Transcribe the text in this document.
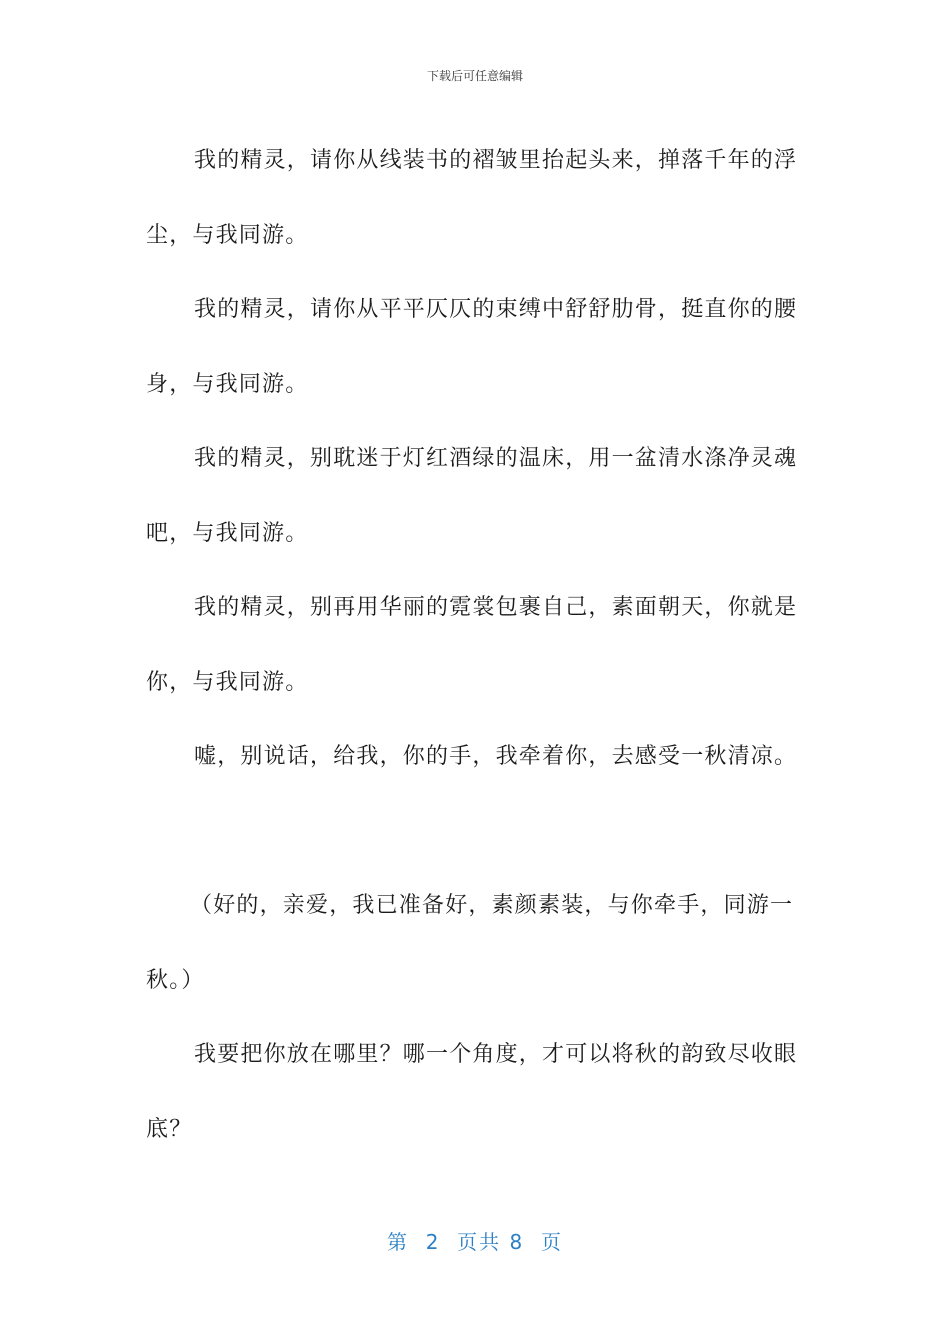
下载后可任意编辑

我的精灵，请你从线装书的褶皱里抬起头来，掸落千年的浮尘，与我同游。

我的精灵，请你从平平仄仄的束缚中舒舒肋骨，挺直你的腰身，与我同游。

我的精灵，别耽迷于灯红酒绿的温床，用一盆清水涤净灵魂吧，与我同游。

我的精灵，别再用华丽的霓裳包裹自己，素面朝天，你就是你，与我同游。

嘘，别说话，给我，你的手，我牵着你，去感受一秋清凉。

（好的，亲爱，我已准备好，素颜素装，与你牵手，同游一秋。）

我要把你放在哪里？哪一个角度，才可以将秋的韵致尽收眼底？

第 2 页共 8 页
